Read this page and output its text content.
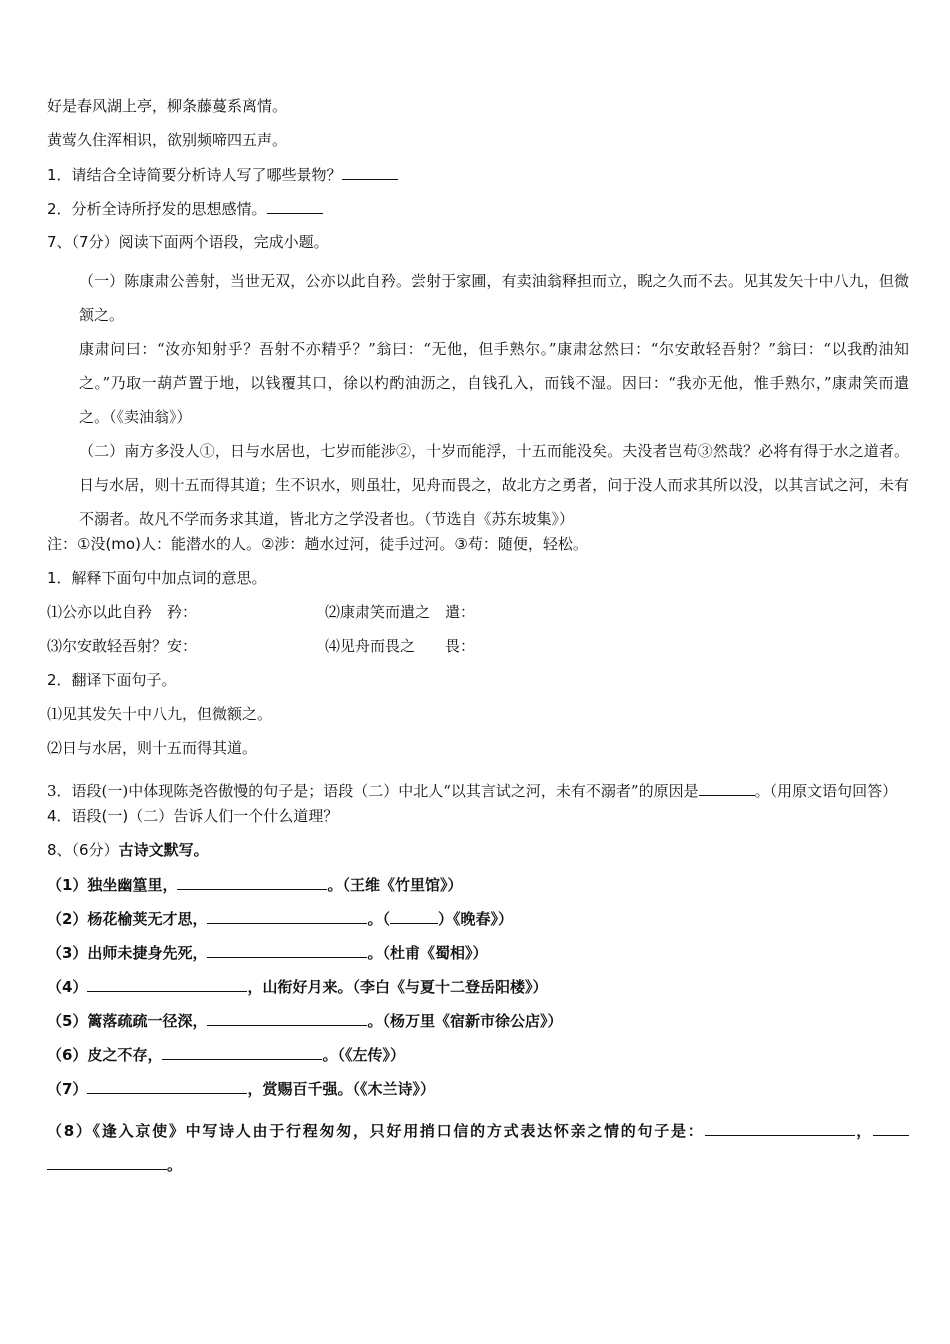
好是春风湖上亭，柳条藤蔓系离情。

黄莺久住浑相识，欲别频啼四五声。

1．请结合全诗简要分析诗人写了哪些景物？

2．分析全诗所抒发的思想感情。

7、（7分）阅读下面两个语段，完成小题。

（一）陈康肃公善射，当世无双，公亦以此自矜。尝射于家圃，有卖油翁释担而立，睨之久而不去。见其发矢十中八九，但微颔之。

康肃问曰：“汝亦知射乎？吾射不亦精乎？”翁曰：“无他，但手熟尔。”康肃忿然曰：“尔安敢轻吾射？”翁曰：“以我酌油知之。”乃取一葫芦置于地，以钱覆其口，徐以杓酌油沥之，自钱孔入，而钱不湿。因曰：“我亦无他，惟手熟尔，”康肃笑而遣之。（《卖油翁》）

（二）南方多没人①，日与水居也，七岁而能涉②，十岁而能浮，十五而能没矣。夫没者岂苟③然哉？必将有得于水之道者。日与水居，则十五而得其道；生不识水，则虽壮，见舟而畏之，故北方之勇者，问于没人而求其所以没，以其言试之河，未有不溺者。故凡不学而务求其道，皆北方之学没者也。（节选自《苏东坡集》）

注：①没(mo)人：能潜水的人。②涉：趟水过河，徒手过河。③苟：随便，轻松。

1．解释下面句中加点词的意思。

⑴公亦以此自矜　矜：	⑵康肃笑而遣之　遣：

⑶尔安敢轻吾射？安：	⑷见舟而畏之　　畏：

2．翻译下面句子。

⑴见其发矢十中八九，但微额之。

⑵日与水居，则十五而得其道。

3．语段(一)中体现陈尧咨傲慢的句子是；语段（二）中北人“以其言试之河，未有不溺者”的原因是	。（用原文语句回答）

4．语段(一)（二）告诉人们一个什么道理？

8、（6分）古诗文默写。

（1）独坐幽篁里，	。（王维《竹里馆》）

（2）杨花榆荚无才思，	。（	）《晚春》）

（3）出师未捷身先死，	。（杜甫《蜀相》）

（4）	，山衔好月来。（李白《与夏十二登岳阳楼》）

（5）篱落疏疏一径深，	。（杨万里《宿新市徐公店》）

（6）皮之不存，	。（《左传》）

（7）	，赏赐百千强。（《木兰诗》）

（8）《逢入京使》中写诗人由于行程匆匆，只好用捎口信的方式表达怀亲之情的句子是：	，。
